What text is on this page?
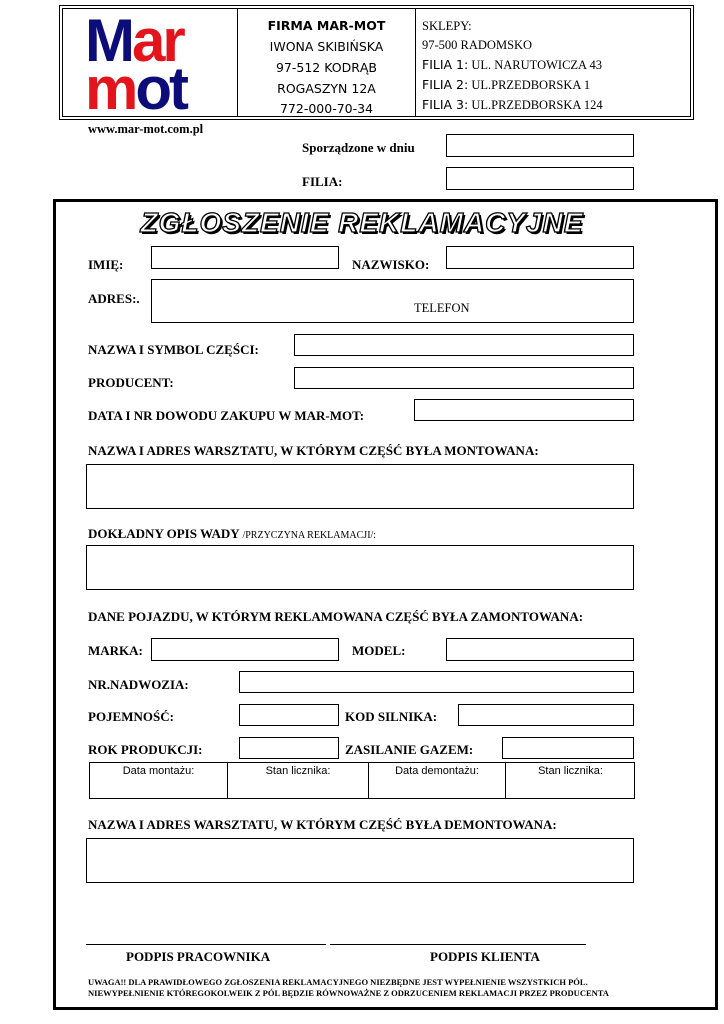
Mar
mot
FIRMA MAR-MOT
IWONA SKIBIŃSKA
97-512 KODRĄB
ROGASZYN 12A
772-000-70-34
SKLEPY:
97-500 RADOMSKO
FILIA 1: UL. NARUTOWICZA 43
FILIA 2: UL.PRZEDBORSKA 1
FILIA 3: UL.PRZEDBORSKA 124
www.mar-mot.com.pl
Sporządzone w dniu
FILIA:
ZGŁOSZENIE REKLAMACYJNE
IMIĘ:	NAZWISKO:
ADRES:.
TELEFON
NAZWA I SYMBOL CZĘŚCI:
PRODUCENT:
DATA I NR DOWODU ZAKUPU W MAR-MOT:
NAZWA I ADRES WARSZTATU, W KTÓRYM CZĘŚĆ BYŁA MONTOWANA:
DOKŁADNY OPIS WADY /PRZYCZYNA REKLAMACJI/:
DANE POJAZDU, W KTÓRYM REKLAMOWANA CZĘŚĆ BYŁA ZAMONTOWANA:
MARKA:	MODEL:
NR.NADWOZIA:
POJEMNOŚĆ:	KOD SILNIKA:
ROK PRODUKCJI:	ZASILANIE GAZEM:
Data montażu:	Stan licznika:	Data demontażu:	Stan licznika:
NAZWA I ADRES WARSZTATU, W KTÓRYM CZĘŚĆ BYŁA DEMONTOWANA:
PODPIS PRACOWNIKA	PODPIS KLIENTA
UWAGA!! DLA PRAWIDŁOWEGO ZGŁOSZENIA REKLAMACYJNEGO NIEZBĘDNE JEST WYPEŁNIENIE WSZYSTKICH PÓL.
NIEWYPEŁNIENIE KTÓREGOKOLWEIK Z PÓL BĘDZIE RÓWNOWAŻNE Z ODRZUCENIEM REKLAMACJI PRZEZ PRODUCENTA
